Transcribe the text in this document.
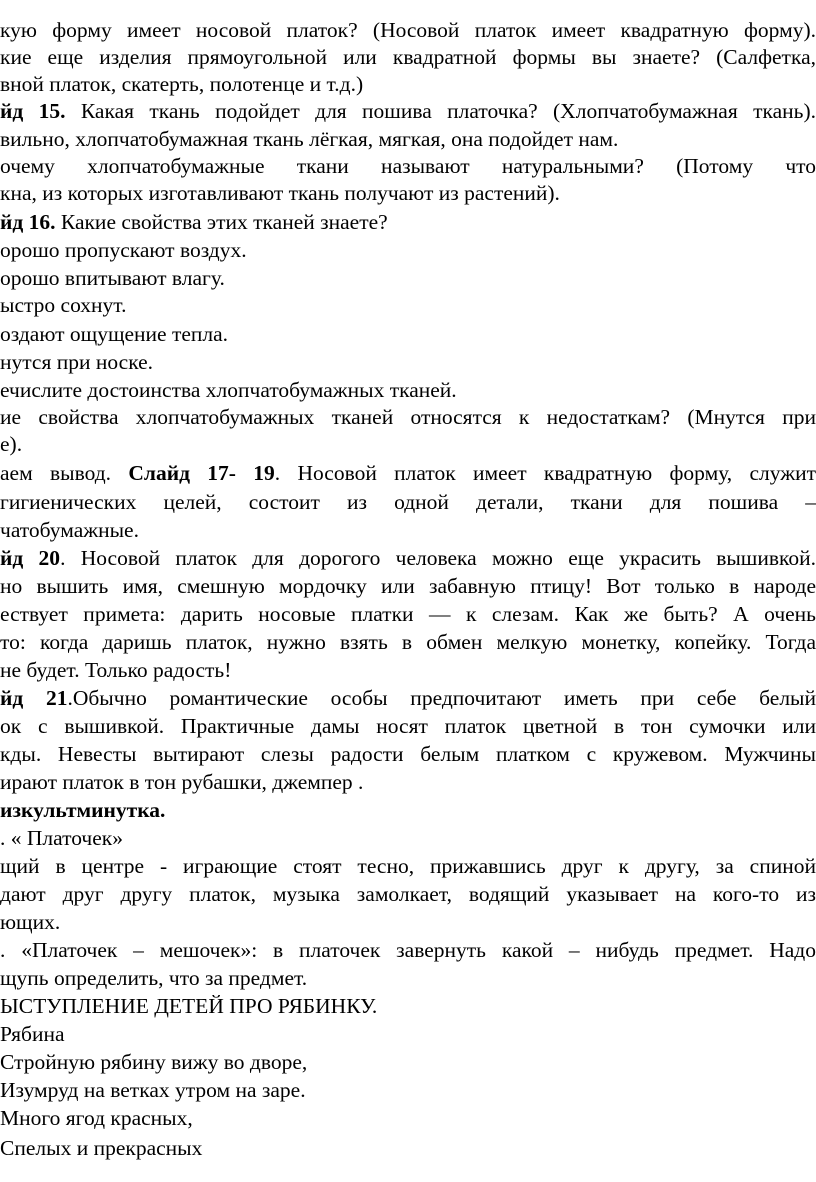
кую форму имеет носовой платок? (Носовой платок имеет квадратную форму).
кие еще изделия прямоугольной или квадратной формы вы знаете? (Салфетка,
вной платок, скатерть, полотенце и т.д.)
йд 15. Какая ткань подойдет для пошива платочка? (Хлопчатобумажная ткань).
вильно, хлопчатобумажная ткань лёгкая, мягкая, она подойдет нам.
очему хлопчатобумажные ткани называют натуральными? (Потому что
кна, из которых изготавливают ткань получают из растений).
йд 16. Какие свойства этих тканей знаете?
орошо пропускают воздух.
орошо впитывают влагу.
ыстро сохнут.
оздают ощущение тепла.
нутся при носке.
ечислите достоинства хлопчатобумажных тканей.
ие свойства хлопчатобумажных тканей относятся к недостаткам? (Мнутся при
е).
аем вывод. Слайд 17- 19. Носовой платок имеет квадратную форму, служит
гигиенических целей, состоит из одной детали, ткани для пошива –
чатобумажные.
йд 20. Носовой платок для дорогого человека можно еще украсить вышивкой.
но вышить имя, смешную мордочку или забавную птицу! Вот только в народе
ествует примета: дарить носовые платки — к слезам. Как же быть? А очень
то: когда даришь платок, нужно взять в обмен мелкую монетку, копейку. Тогда
не будет. Только радость!
йд 21.Обычно романтические особы предпочитают иметь при себе белый
ок с вышивкой. Практичные дамы носят платок цветной в тон сумочки или
кды. Невесты вытирают слезы радости белым платком с кружевом. Мужчины
ирают платок в тон рубашки, джемпер .
изкультминутка.
. « Платочек»
щий в центре - играющие стоят тесно, прижавшись друг к другу, за спиной
дают друг другу платок, музыка замолкает, водящий указывает на кого-то из
ющих.
. «Платочек – мешочек»: в платочек завернуть какой – нибудь предмет. Надо
щупь определить, что за предмет.
ЫСТУПЛЕНИЕ ДЕТЕЙ ПРО РЯБИНКУ.
Рябина
Стройную рябину вижу во дворе,
Изумруд на ветках утром на заре.
Много ягод красных,
Спелых и прекрасных
